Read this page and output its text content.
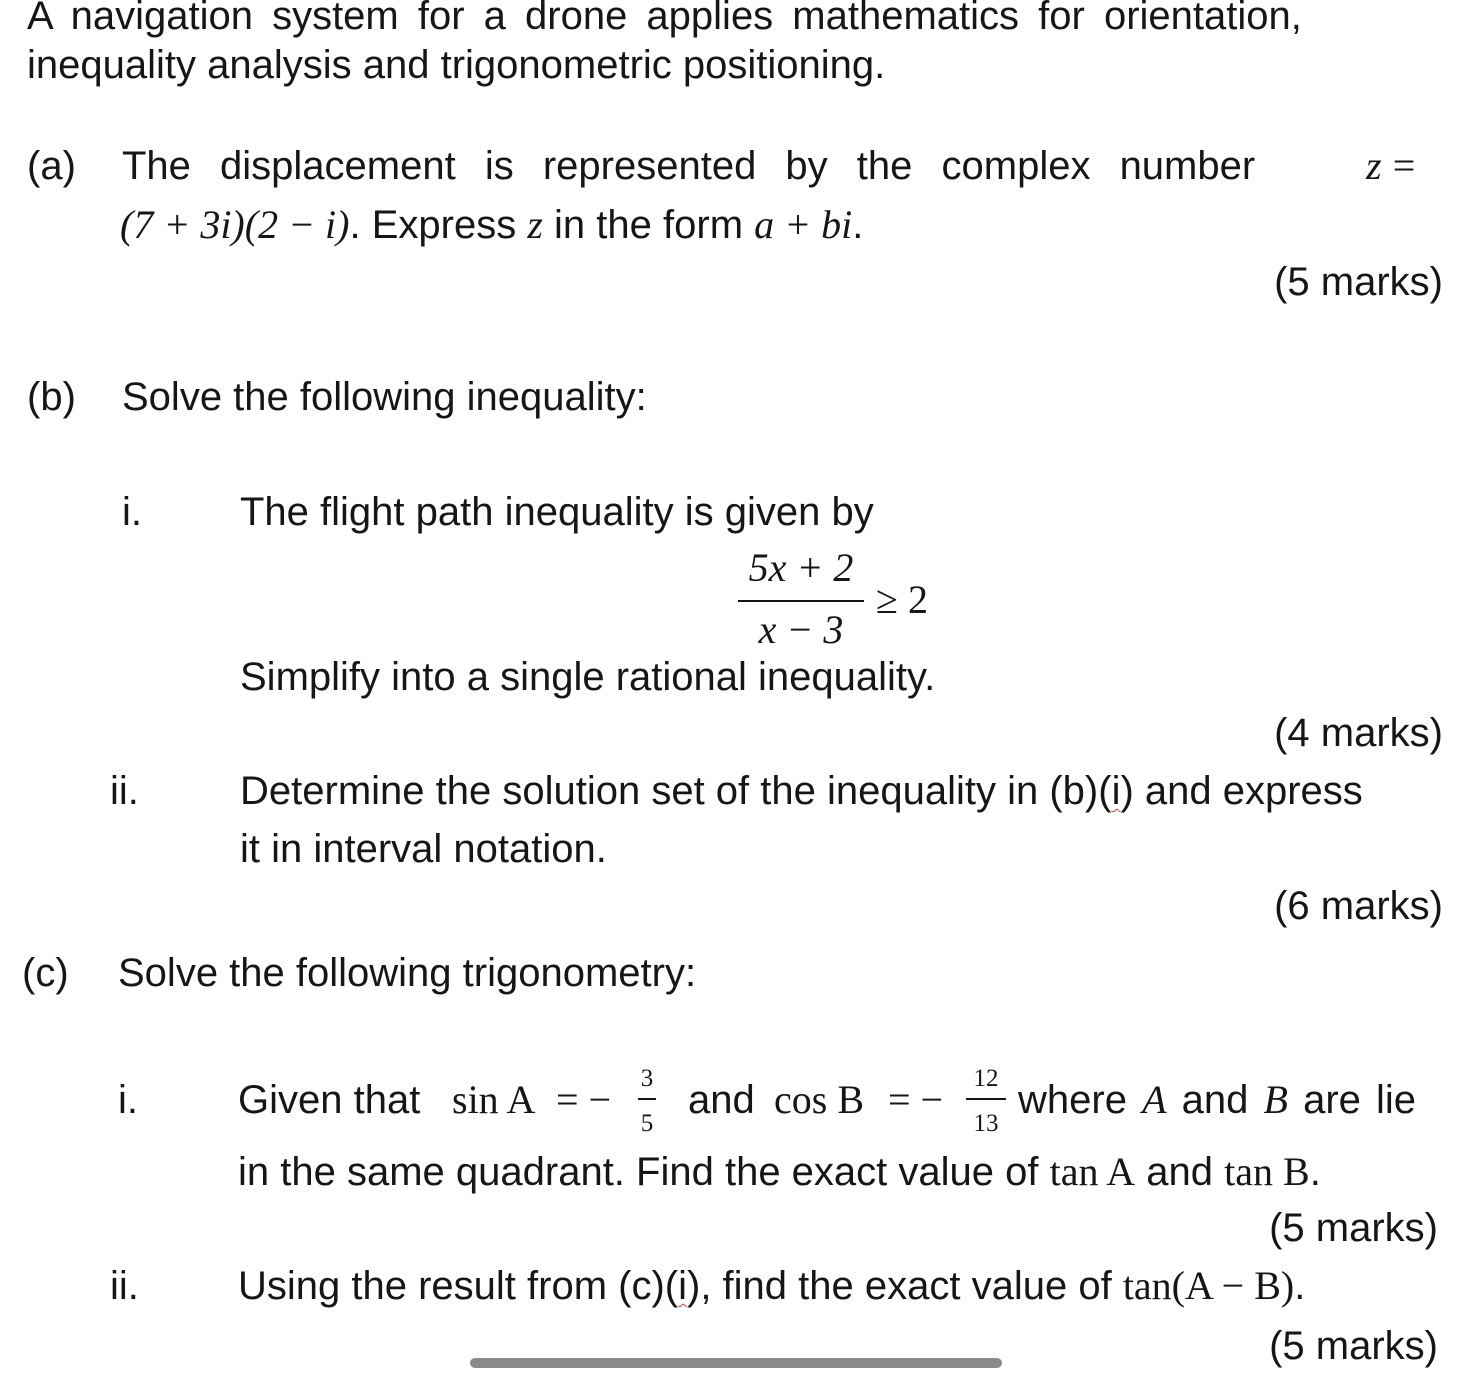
A navigation system for a drone applies mathematics for orientation,
inequality analysis and trigonometric positioning.
(a) The displacement is represented by the complex number	z =
(7 + 3i)(2 − i). Express z in the form a + bi.
(5 marks)
(b) Solve the following inequality:
i. The flight path inequality is given by
5x + 2
x − 3
≥ 2
Simplify into a single rational inequality.
(4 marks)
ii.	Determine the solution set of the inequality in (b)(i) and express
it in interval notation.
(6 marks)
(c) Solve the following trigonometry:
i.	Given that sin A = − 3
5
and cos B = −	12
13
where A and B are lie
in the same quadrant. Find the exact value of tan A and tan B.
(5 marks)
ii. Using the result from (c)(i), find the exact value of tan(A − B).
(5 marks)
